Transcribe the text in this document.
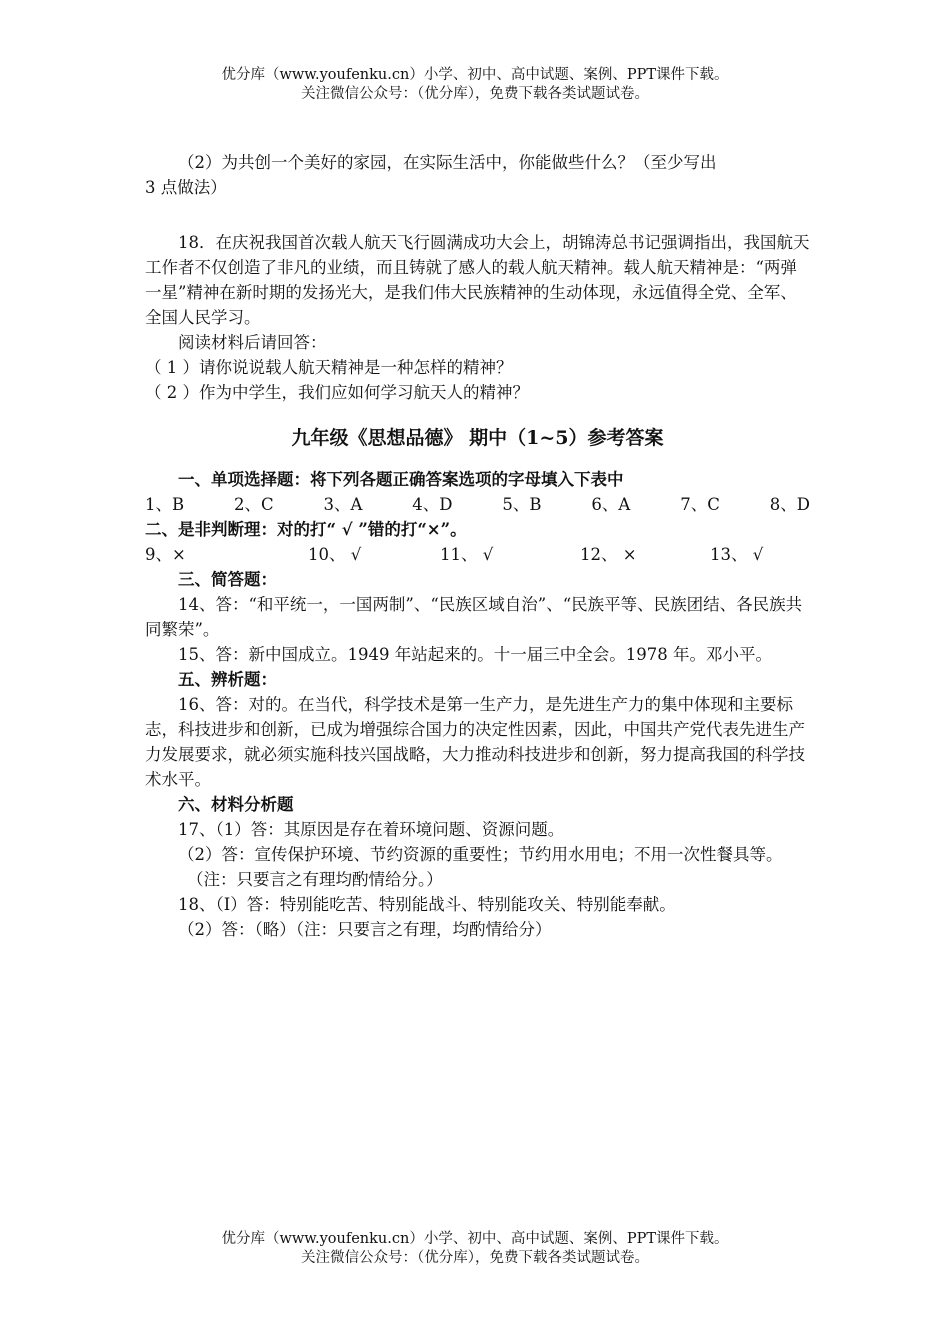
优分库（www.youfenku.cn）小学、初中、高中试题、案例、PPT课件下载。
关注微信公众号：（优分库），免费下载各类试题试卷。

（2）为共创一个美好的家园，在实际生活中，你能做些什么？（至少写出

3 点做法）

18．在庆祝我国首次载人航天飞行圆满成功大会上，胡锦涛总书记强调指出，我国航天工作者不仅创造了非凡的业绩，而且铸就了感人的载人航天精神。载人航天精神是：“两弹一星”精神在新时期的发扬光大，是我们伟大民族精神的生动体现，永远值得全党、全军、全国人民学习。

阅读材料后请回答：

（ 1 ）请你说说载人航天精神是一种怎样的精神？

（ 2 ）作为中学生，我们应如何学习航天人的精神？

九年级《思想品德》 期中（1~5）参考答案

一、单项选择题：将下列各题正确答案选项的字母填入下表中

1、B	2、C	3、A	4、D	5、B	6、A	7、C	8、D

二、是非判断理：对的打“ √ ”错的打“×”。

9、×	10、 √	11、 √	12、 ×	13、 √

三、简答题：

14、答：“和平统一，一国两制”、“民族区域自治”、“民族平等、民族团结、各民族共同繁荣”。

15、答：新中国成立。1949 年站起来的。十一届三中全会。1978 年。邓小平。

五、辨析题：

16、答：对的。在当代，科学技术是第一生产力，是先进生产力的集中体现和主要标志，科技进步和创新，已成为增强综合国力的决定性因素，因此，中国共产党代表先进生产力发展要求，就必须实施科技兴国战略，大力推动科技进步和创新，努力提高我国的科学技术水平。

六、材料分析题

17、（1）答：其原因是存在着环境问题、资源问题。

（2）答：宣传保护环境、节约资源的重要性；节约用水用电；不用一次性餐具等。

（注：只要言之有理均酌情给分。）

18、（I）答：特别能吃苦、特别能战斗、特别能攻关、特别能奉献。

（2）答：（略）（注：只要言之有理，均酌情给分）

优分库（www.youfenku.cn）小学、初中、高中试题、案例、PPT课件下载。
关注微信公众号：（优分库），免费下载各类试题试卷。
